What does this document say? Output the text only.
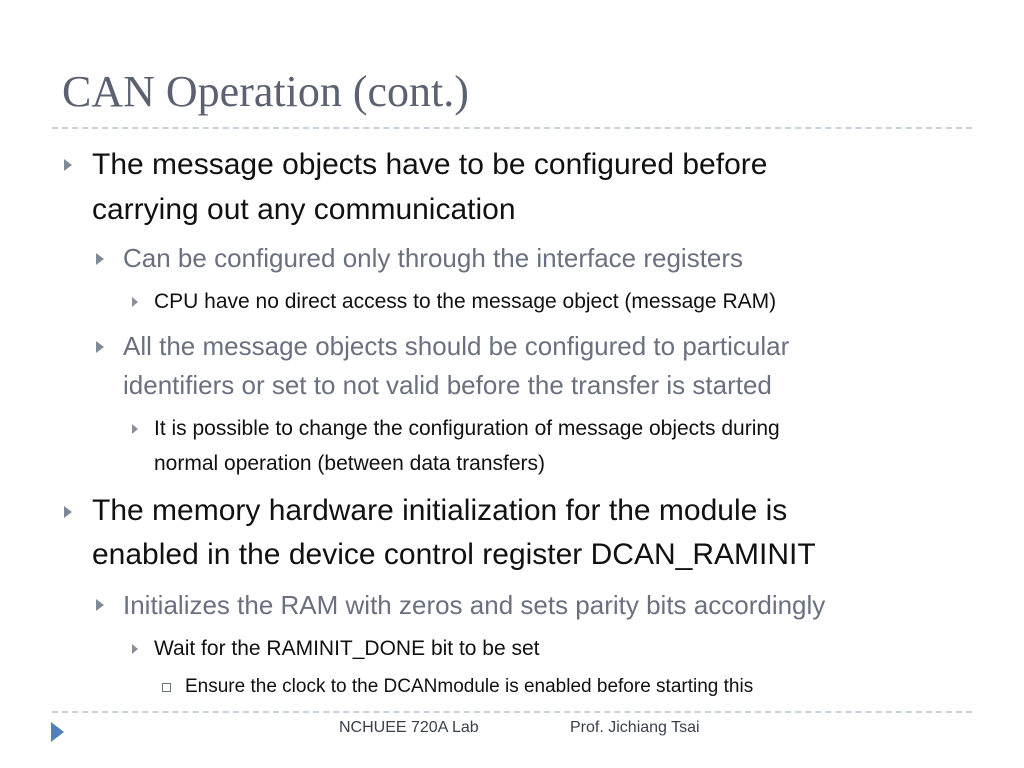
CAN Operation (cont.)
The message objects have to be configured before
carrying out any communication
Can be configured only through the interface registers
CPU have no direct access to the message object (message RAM)
All the message objects should be configured to particular
identifiers or set to not valid before the transfer is started
It is possible to change the configuration of message objects during
normal operation (between data transfers)
The memory hardware initialization for the module is
enabled in the device control register DCAN_RAMINIT
Initializes the RAM with zeros and sets parity bits accordingly
Wait for the RAMINIT_DONE bit to be set
Ensure the clock to the DCANmodule is enabled before starting this
NCHUEE 720A Lab	Prof. Jichiang Tsai
